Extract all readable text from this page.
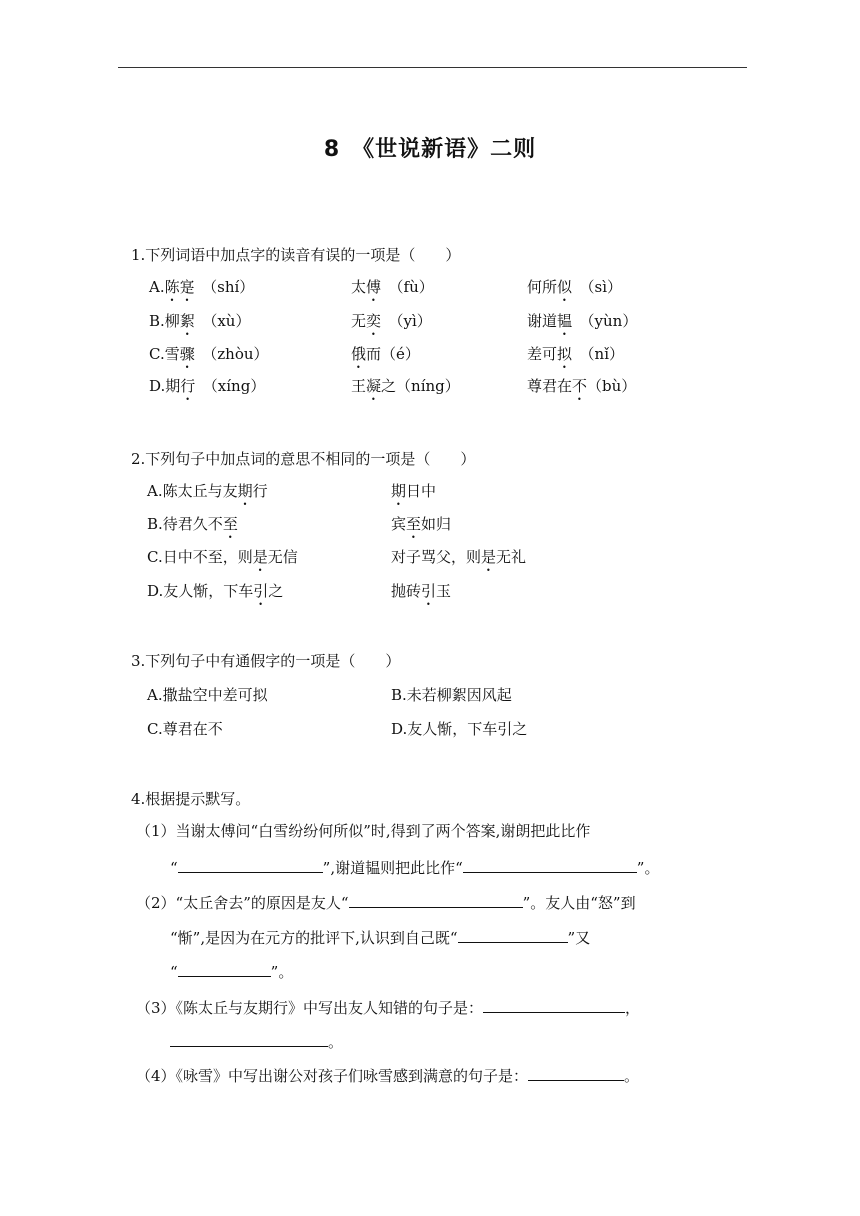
8　《世说新语》二则
1.下列词语中加点字的读音有误的一项是（　　）
A.陈寔　（shí）	太傅　（fù）	何所似　（sì）
B.柳絮　（xù）	无奕　（yì）	谢道韫　（yùn）
C.雪骤　（zhòu）	俄而（é）	差可拟　（nǐ）
D.期行　（xíng）	王凝之（níng）	尊君在不（bù）
2.下列句子中加点词的意思不相同的一项是（　　）
A.陈太丘与友期行	期日中
B.待君久不至	宾至如归
C.日中不至，则是无信	对子骂父，则是无礼
D.友人惭，下车引之	抛砖引玉
3.下列句子中有通假字的一项是（　　）
A.撒盐空中差可拟	B.未若柳絮因风起
C.尊君在不	D.友人惭，下车引之
4.根据提示默写。
（1）当谢太傅问“白雪纷纷何所似”时,得到了两个答案,谢朗把此比作
“	”,谢道韫则把此比作“	”。
（2）“太丘舍去”的原因是友人“	”。友人由“怒”到
“惭”,是因为在元方的批评下,认识到自己既“	”又
“	”。
（3）《陈太丘与友期行》中写出友人知错的句子是：	，
。
（4）《咏雪》中写出谢公对孩子们咏雪感到满意的句子是：	。
